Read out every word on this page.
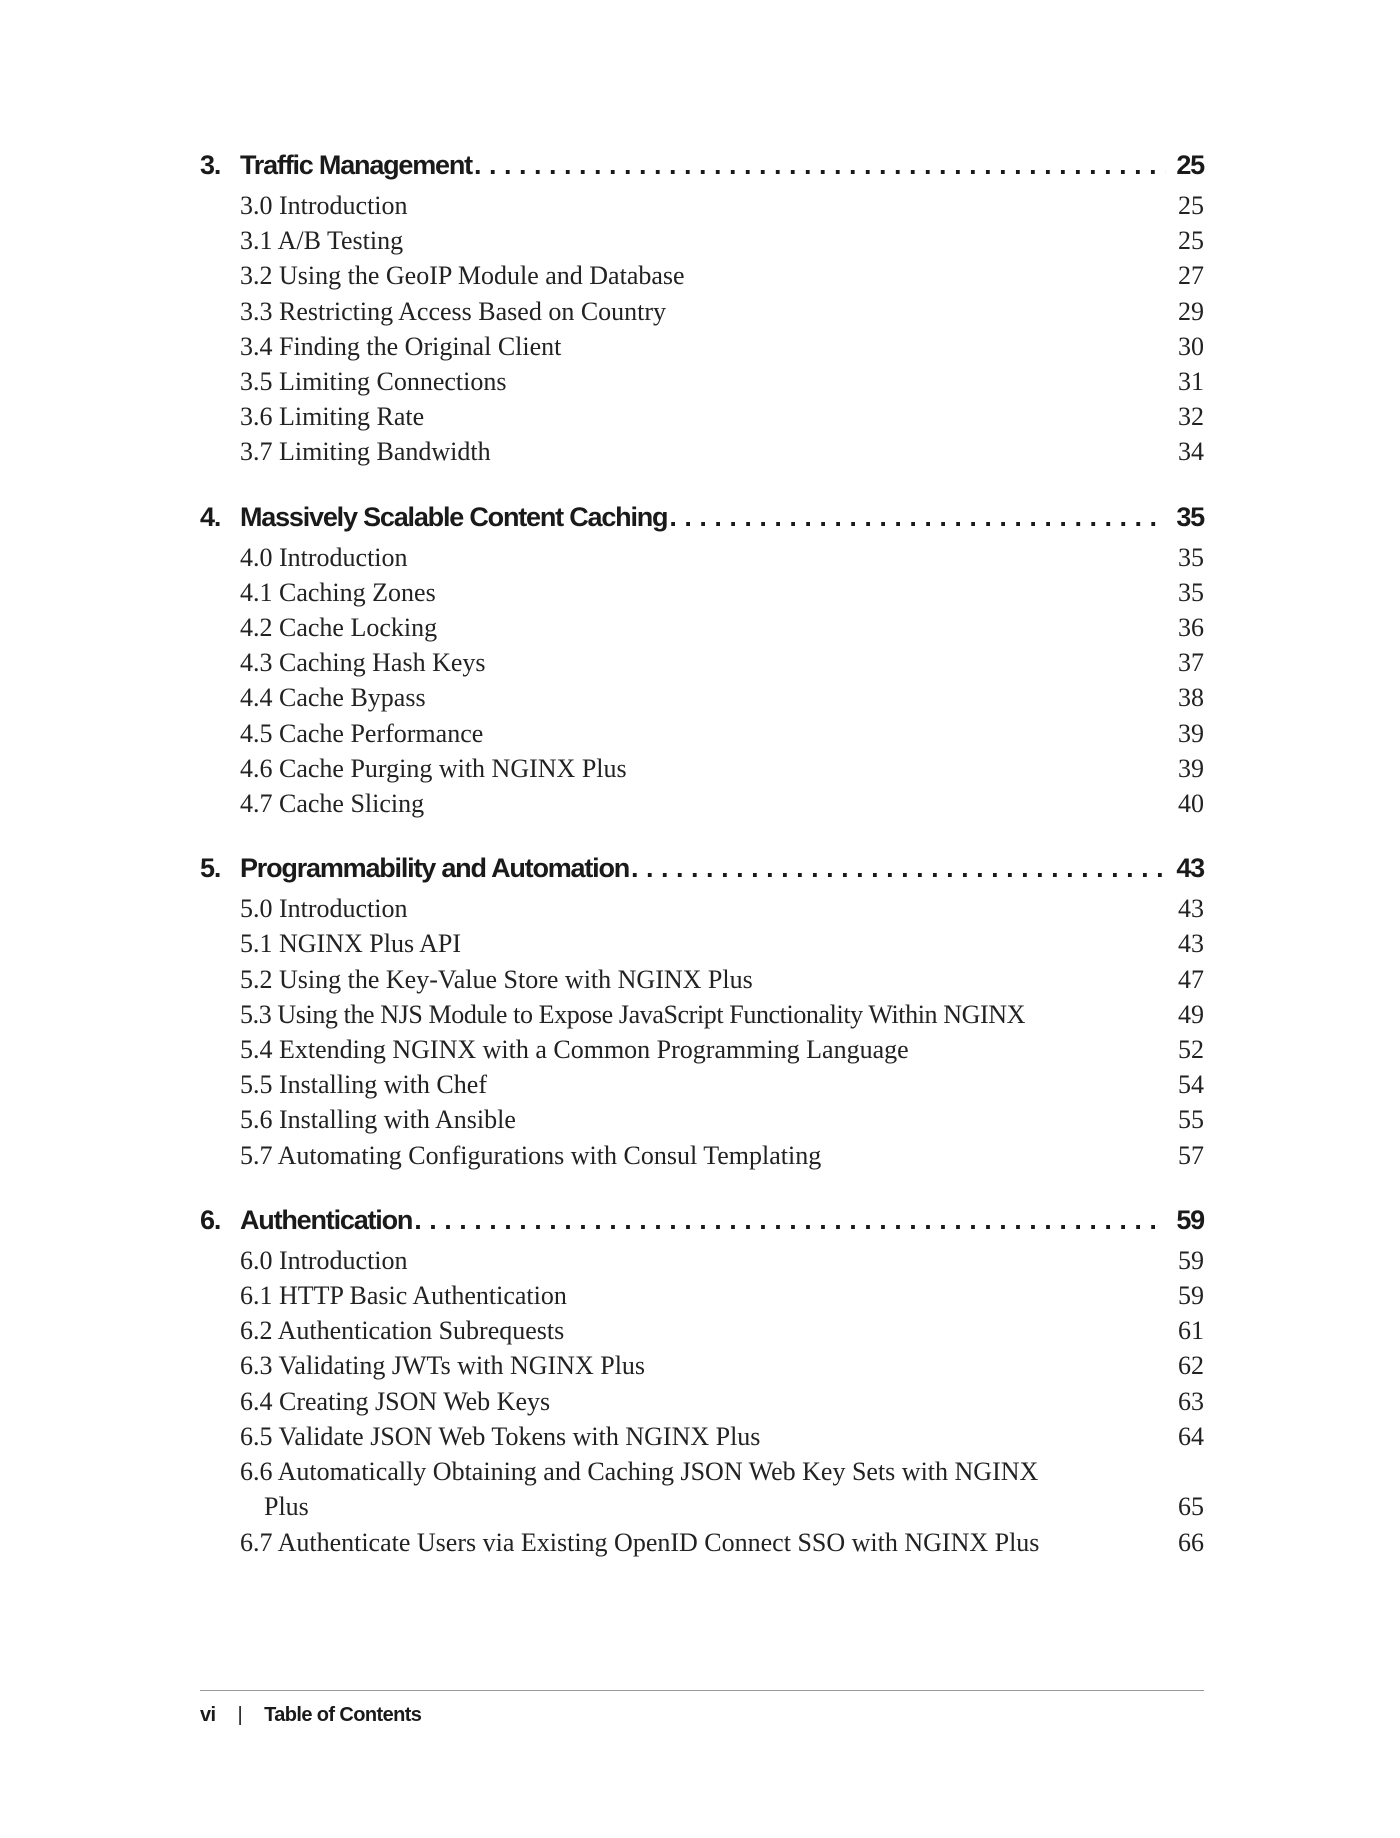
3. Traffic Management . . .	25
3.0 Introduction	25
3.1 A/B Testing	25
3.2 Using the GeoIP Module and Database	27
3.3 Restricting Access Based on Country	29
3.4 Finding the Original Client	30
3.5 Limiting Connections	31
3.6 Limiting Rate	32
3.7 Limiting Bandwidth	34
4. Massively Scalable Content Caching . . .	35
4.0 Introduction	35
4.1 Caching Zones	35
4.2 Cache Locking	36
4.3 Caching Hash Keys	37
4.4 Cache Bypass	38
4.5 Cache Performance	39
4.6 Cache Purging with NGINX Plus	39
4.7 Cache Slicing	40
5. Programmability and Automation . . .	43
5.0 Introduction	43
5.1 NGINX Plus API	43
5.2 Using the Key-Value Store with NGINX Plus	47
5.3 Using the NJS Module to Expose JavaScript Functionality Within NGINX	49
5.4 Extending NGINX with a Common Programming Language	52
5.5 Installing with Chef	54
5.6 Installing with Ansible	55
5.7 Automating Configurations with Consul Templating	57
6. Authentication . . .	59
6.0 Introduction	59
6.1 HTTP Basic Authentication	59
6.2 Authentication Subrequests	61
6.3 Validating JWTs with NGINX Plus	62
6.4 Creating JSON Web Keys	63
6.5 Validate JSON Web Tokens with NGINX Plus	64
6.6 Automatically Obtaining and Caching JSON Web Key Sets with NGINX
Plus	65
6.7 Authenticate Users via Existing OpenID Connect SSO with NGINX Plus	66
vi | Table of Contents
